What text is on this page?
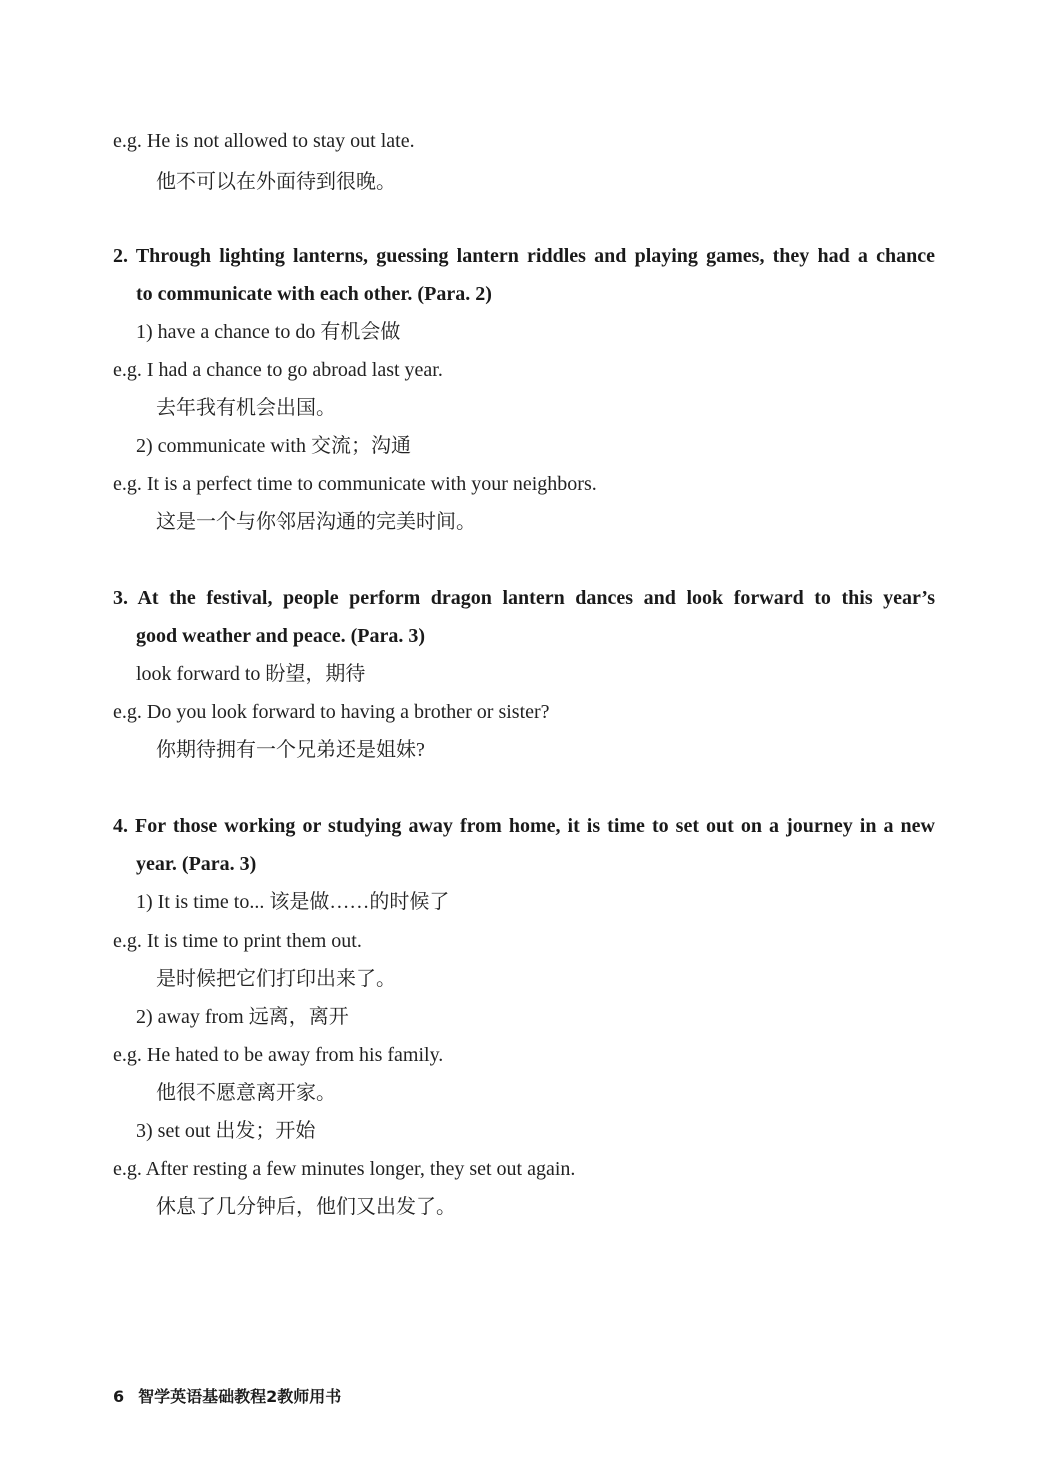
e.g. He is not allowed to stay out late.
他不可以在外面待到很晚。
2. Through lighting lanterns, guessing lantern riddles and playing games, they had a chance
to communicate with each other. (Para. 2)
1) have a chance to do 有机会做
e.g. I had a chance to go abroad last year.
去年我有机会出国。
2) communicate with 交流；沟通
e.g. It is a perfect time to communicate with your neighbors.
这是一个与你邻居沟通的完美时间。
3. At the festival, people perform dragon lantern dances and look forward to this year’s
good weather and peace. (Para. 3)
look forward to 盼望，期待
e.g. Do you look forward to having a brother or sister?
你期待拥有一个兄弟还是姐妹?
4. For those working or studying away from home, it is time to set out on a journey in a new
year. (Para. 3)
1) It is time to... 该是做……的时候了
e.g. It is time to print them out.
是时候把它们打印出来了。
2) away from 远离，离开
e.g. He hated to be away from his family.
他很不愿意离开家。
3) set out 出发；开始
e.g. After resting a few minutes longer, they set out again.
休息了几分钟后，他们又出发了。
6 智学英语基础教程2教师用书
